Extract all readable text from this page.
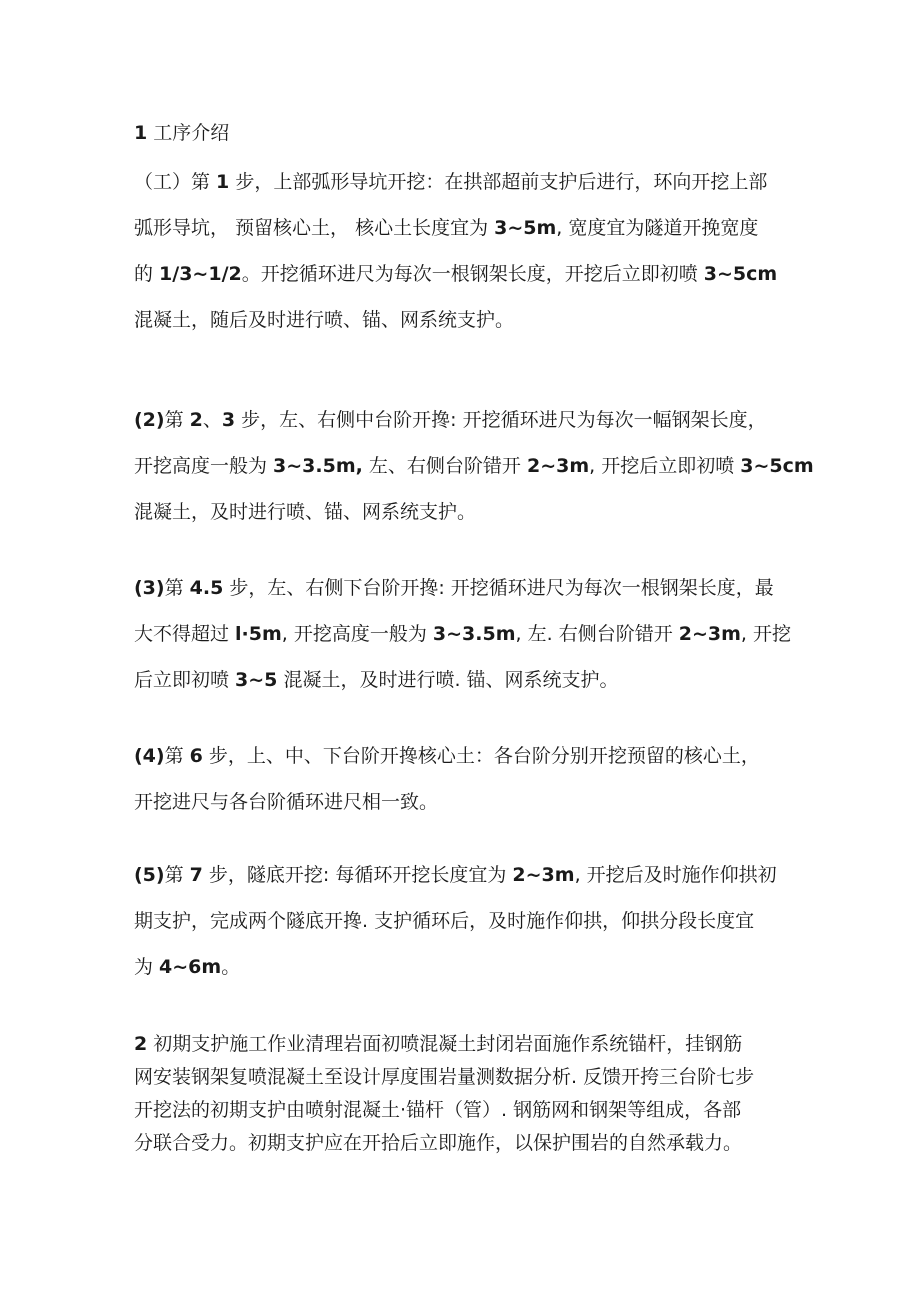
1 工序介绍
（工）第 1 步，上部弧形导坑开挖：在拱部超前支护后进行，环向开挖上部
弧形导坑， 预留核心土， 核心土长度宜为 3~5m, 宽度宜为隧道开挽宽度
的 1/3~1/2。开挖循环进尺为每次一根钢架长度，开挖后立即初喷 3~5cm
混凝土，随后及时进行喷、锚、网系统支护。
(2)第 2、3 步，左、右侧中台阶开搀: 开挖循环进尺为每次一幅钢架长度，
开挖高度一般为 3~3.5m, 左、右侧台阶错开 2~3m, 开挖后立即初喷 3~5cm
混凝土，及时进行喷、锚、网系统支护。
(3)第 4.5 步，左、右侧下台阶开搀: 开挖循环进尺为每次一根钢架长度，最
大不得超过 l·5m, 开挖高度一般为 3~3.5m, 左. 右侧台阶错开 2~3m, 开挖
后立即初喷 3~5 混凝土，及时进行喷. 锚、网系统支护。
(4)第 6 步，上、中、下台阶开搀核心土：各台阶分别开挖预留的核心土，
开挖进尺与各台阶循环进尺相一致。
(5)第 7 步，隧底开挖: 每循环开挖长度宜为 2~3m, 开挖后及时施作仰拱初
期支护，完成两个隧底开搀. 支护循环后，及时施作仰拱，仰拱分段长度宜
为 4~6m。
2 初期支护施工作业清理岩面初喷混凝土封闭岩面施作系统锚杆，挂钢筋
网安装钢架复喷混凝土至设计厚度围岩量测数据分析. 反馈开挎三台阶七步
开挖法的初期支护由喷射混凝土·锚杆（管）. 钢筋网和钢架等组成，各部
分联合受力。初期支护应在开拾后立即施作，以保护围岩的自然承载力。
